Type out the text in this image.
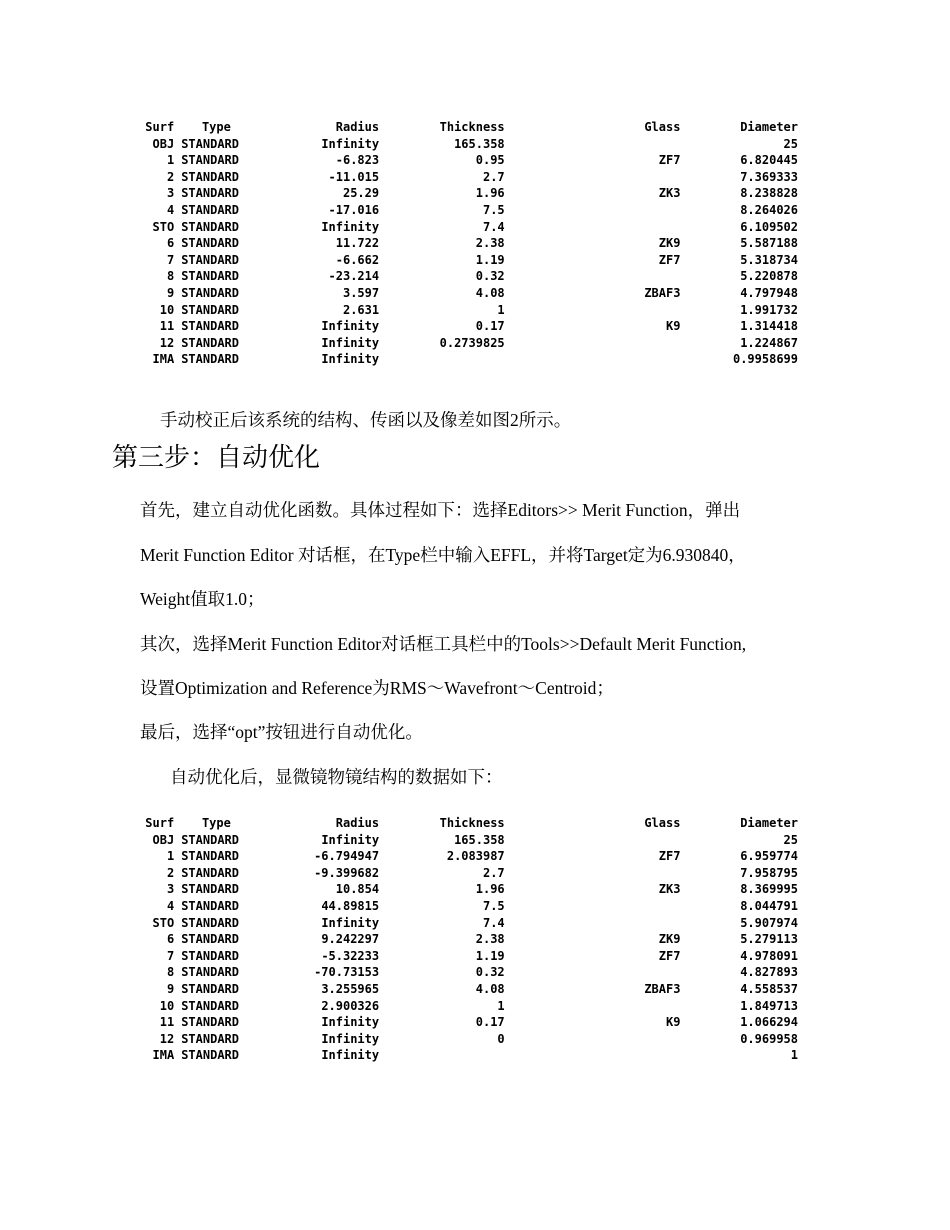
Surf	Type	Radius	Thickness	Glass	Diameter
OBJ	STANDARD	Infinity	165.358		25
1	STANDARD	-6.823	0.95	ZF7	6.820445
2	STANDARD	-11.015	2.7		7.369333
3	STANDARD	25.29	1.96	ZK3	8.238828
4	STANDARD	-17.016	7.5		8.264026
STO	STANDARD	Infinity	7.4		6.109502
6	STANDARD	11.722	2.38	ZK9	5.587188
7	STANDARD	-6.662	1.19	ZF7	5.318734
8	STANDARD	-23.214	0.32		5.220878
9	STANDARD	3.597	4.08	ZBAF3	4.797948
10	STANDARD	2.631	1		1.991732
11	STANDARD	Infinity	0.17	K9	1.314418
12	STANDARD	Infinity	0.2739825		1.224867
IMA	STANDARD	Infinity			0.9958699

手动校正后该系统的结构、传函以及像差如图2所示。

第三步：自动优化

首先，建立自动优化函数。具体过程如下：选择Editors>> Merit Function，弹出

Merit Function Editor 对话框，在Type栏中输入EFFL，并将Target定为6.930840，

Weight值取1.0；

其次，选择Merit Function Editor对话框工具栏中的Tools>>Default Merit Function,

设置Optimization and Reference为RMS～Wavefront～Centroid；

最后，选择“opt”按钮进行自动优化。

自动优化后，显微镜物镜结构的数据如下：

Surf	Type	Radius	Thickness	Glass	Diameter
OBJ	STANDARD	Infinity	165.358		25
1	STANDARD	-6.794947	2.083987	ZF7	6.959774
2	STANDARD	-9.399682	2.7		7.958795
3	STANDARD	10.854	1.96	ZK3	8.369995
4	STANDARD	44.89815	7.5		8.044791
STO	STANDARD	Infinity	7.4		5.907974
6	STANDARD	9.242297	2.38	ZK9	5.279113
7	STANDARD	-5.32233	1.19	ZF7	4.978091
8	STANDARD	-70.73153	0.32		4.827893
9	STANDARD	3.255965	4.08	ZBAF3	4.558537
10	STANDARD	2.900326	1		1.849713
11	STANDARD	Infinity	0.17	K9	1.066294
12	STANDARD	Infinity	0		0.969958
IMA	STANDARD	Infinity			1
